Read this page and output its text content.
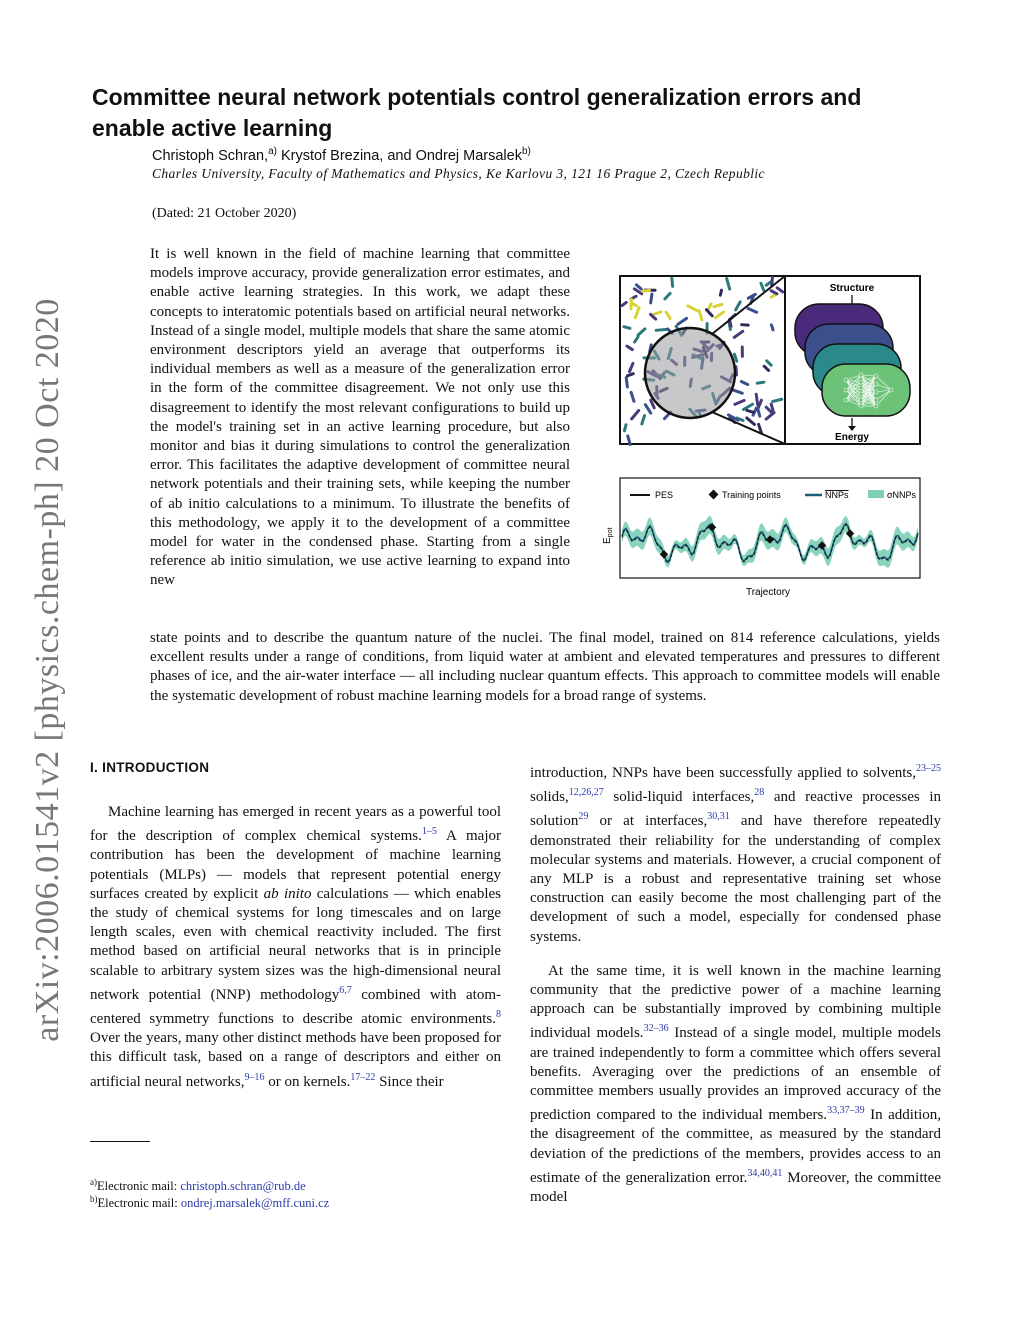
arXiv:2006.01541v2 [physics.chem-ph] 20 Oct 2020
Committee neural network potentials control generalization errors and enable active learning
Christoph Schran,$^{a)}$ Krystof Brezina, and Ondrej Marsalek$^{b)}$
Charles University, Faculty of Mathematics and Physics, Ke Karlovu 3, 121 16 Prague 2, Czech Republic
(Dated: 21 October 2020)
It is well known in the field of machine learning that committee models improve accuracy, provide generalization error estimates, and enable active learning strategies. In this work, we adapt these concepts to interatomic potentials based on artificial neural networks. Instead of a single model, multiple models that share the same atomic environment descriptors yield an average that outperforms its individual members as well as a measure of the generalization error in the form of the committee disagreement. We not only use this disagreement to identify the most relevant configurations to build up the model's training set in an active learning procedure, but also monitor and bias it during simulations to control the generalization error. This facilitates the adaptive development of committee neural network potentials and their training sets, while keeping the number of ab initio calculations to a minimum. To illustrate the benefits of this methodology, we apply it to the development of a committee model for water in the condensed phase. Starting from a single reference ab initio simulation, we use active learning to expand into new
Structure
Energy
PES	Training points	NNPs	σNNPs
$E_{pot}$
Trajectory
state points and to describe the quantum nature of the nuclei. The final model, trained on 814 reference calculations, yields excellent results under a range of conditions, from liquid water at ambient and elevated temperatures and pressures to different phases of ice, and the air-water interface — all including nuclear quantum effects. This approach to committee models will enable the systematic development of robust machine learning models for a broad range of systems.
I. INTRODUCTION

Machine learning has emerged in recent years as a powerful tool for the description of complex chemical systems.$^{1-5}$ A major contribution has been the development of machine learning potentials (MLPs) — models that represent potential energy surfaces created by explicit ab inito calculations — which enables the study of chemical systems for long timescales and on large length scales, even with chemical reactivity included. The first method based on artificial neural networks that is in principle scalable to arbitrary system sizes was the high-dimensional neural network potential (NNP) methodology$^{6,7}$ combined with atom-centered symmetry functions to describe atomic environments.$^8$ Over the years, many other distinct methods have been proposed for this difficult task, based on a range of descriptors and either on artificial neural networks,$^{9-16}$ or on kernels.$^{17-22}$ Since their

introduction, NNPs have been successfully applied to solvents,$^{23-25}$ solids,$^{12,26,27}$ solid-liquid interfaces,$^{28}$ and reactive processes in solution$^{29}$ or at interfaces,$^{30,31}$ and have therefore repeatedly demonstrated their reliability for the understanding of complex molecular systems and materials. However, a crucial component of any MLP is a robust and representative training set whose construction can easily become the most challenging part of the development of such a model, especially for condensed phase systems.

At the same time, it is well known in the machine learning community that the predictive power of a machine learning approach can be substantially improved by combining multiple individual models.$^{32-36}$ Instead of a single model, multiple models are trained independently to form a committee which offers several benefits. Averaging over the predictions of an ensemble of committee members usually provides an improved accuracy of the prediction compared to the individual members.$^{33,37-39}$ In addition, the disagreement of the committee, as measured by the standard deviation of the predictions of the members, provides access to an estimate of the generalization error.$^{34,40,41}$ Moreover, the committee model

$^{a)}$Electronic mail: christoph.schran@rub.de
$^{b)}$Electronic mail: ondrej.marsalek@mff.cuni.cz
